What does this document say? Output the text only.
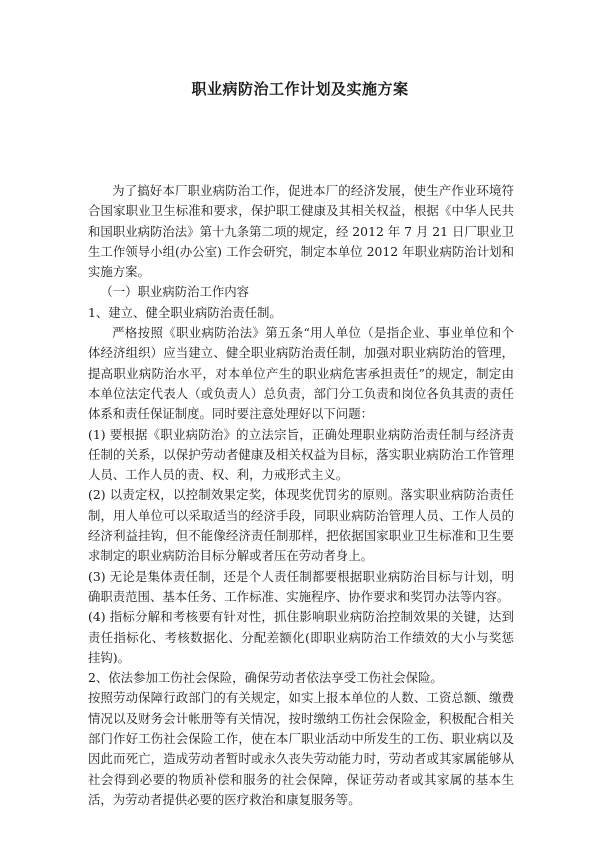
职业病防治工作计划及实施方案

为了搞好本厂职业病防治工作，促进本厂的经济发展，使生产作业环境符合国家职业卫生标准和要求，保护职工健康及其相关权益，根据《中华人民共和国职业病防治法》第十九条第二项的规定，经 2012 年 7 月 21 日厂职业卫生工作领导小组(办公室) 工作会研究，制定本单位 2012 年职业病防治计划和实施方案。

（一）职业病防治工作内容

1、建立、健全职业病防治责任制。

严格按照《职业病防治法》第五条“用人单位（是指企业、事业单位和个体经济组织）应当建立、健全职业病防治责任制，加强对职业病防治的管理，提高职业病防治水平，对本单位产生的职业病危害承担责任”的规定，制定由本单位法定代表人（或负责人）总负责，部门分工负责和岗位各负其责的责任体系和责任保证制度。同时要注意处理好以下问题：

(1) 要根据《职业病防治》的立法宗旨，正确处理职业病防治责任制与经济责任制的关系，以保护劳动者健康及相关权益为目标，落实职业病防治工作管理人员、工作人员的责、权、利，力戒形式主义。

(2) 以责定权，以控制效果定奖，体现奖优罚劣的原则。落实职业病防治责任制，用人单位可以采取适当的经济手段，同职业病防治管理人员、工作人员的经济利益挂钩，但不能像经济责任制那样，把依据国家职业卫生标准和卫生要求制定的职业病防治目标分解或者压在劳动者身上。

(3) 无论是集体责任制，还是个人责任制都要根据职业病防治目标与计划，明确职责范围、基本任务、工作标准、实施程序、协作要求和奖罚办法等内容。

(4) 指标分解和考核要有针对性，抓住影响职业病防治控制效果的关键，达到责任指标化、考核数据化、分配差额化(即职业病防治工作绩效的大小与奖惩挂钩)。

2、依法参加工伤社会保险，确保劳动者依法享受工伤社会保险。

按照劳动保障行政部门的有关规定，如实上报本单位的人数、工资总额、缴费情况以及财务会计帐册等有关情况，按时缴纳工伤社会保险金，积极配合相关部门作好工伤社会保险工作，使在本厂职业活动中所发生的工伤、职业病以及因此而死亡，造成劳动者暂时或永久丧失劳动能力时，劳动者或其家属能够从社会得到必要的物质补偿和服务的社会保障，保证劳动者或其家属的基本生活，为劳动者提供必要的医疗救治和康复服务等。
